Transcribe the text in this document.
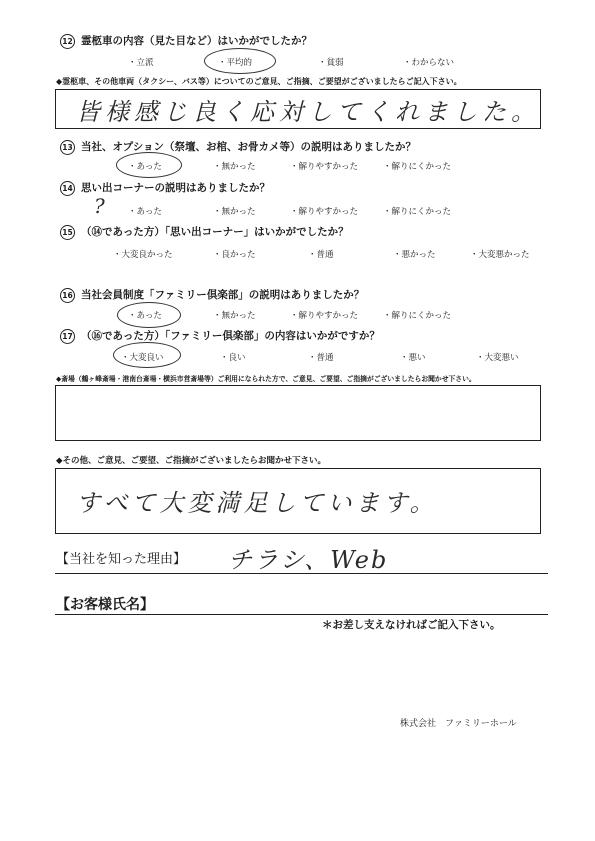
12 霊柩車の内容（見た目など）はいかがでしたか？
・立派	・平均的	・貧弱	・わからない
◆霊柩車、その他車両（タクシー、バス等）についてのご意見、ご指摘、ご要望がございましたらご記入下さい。
皆様感じ良く応対してくれました。
13 当社、オプション（祭壇、お棺、お骨カメ等）の説明はありましたか？
・あった	・無かった	・解りやすかった	・解りにくかった
14 思い出コーナーの説明はありましたか？
?	・あった	・無かった	・解りやすかった	・解りにくかった
15 （⑭であった方）「思い出コーナー」はいかがでしたか？
・大変良かった	・良かった	・普通	・悪かった	・大変悪かった
16 当社会員制度「ファミリー倶楽部」の説明はありましたか？
・あった	・無かった	・解りやすかった	・解りにくかった
17 （⑯であった方）「ファミリー倶楽部」の内容はいかがですか？
・大変良い	・良い	・普通	・悪い	・大変悪い
◆斎場（鶴ヶ峰斎場・港南台斎場・横浜市営斎場等）ご利用になられた方で、ご意見、ご要望、ご指摘がございましたらお聞かせ下さい。
◆その他、ご意見、ご要望、ご指摘がございましたらお聞かせ下さい。
すべて大変満足しています。
【当社を知った理由】 チラシ、Web
【お客様氏名】
＊お差し支えなければご記入下さい。
株式会社　ファミリーホール
